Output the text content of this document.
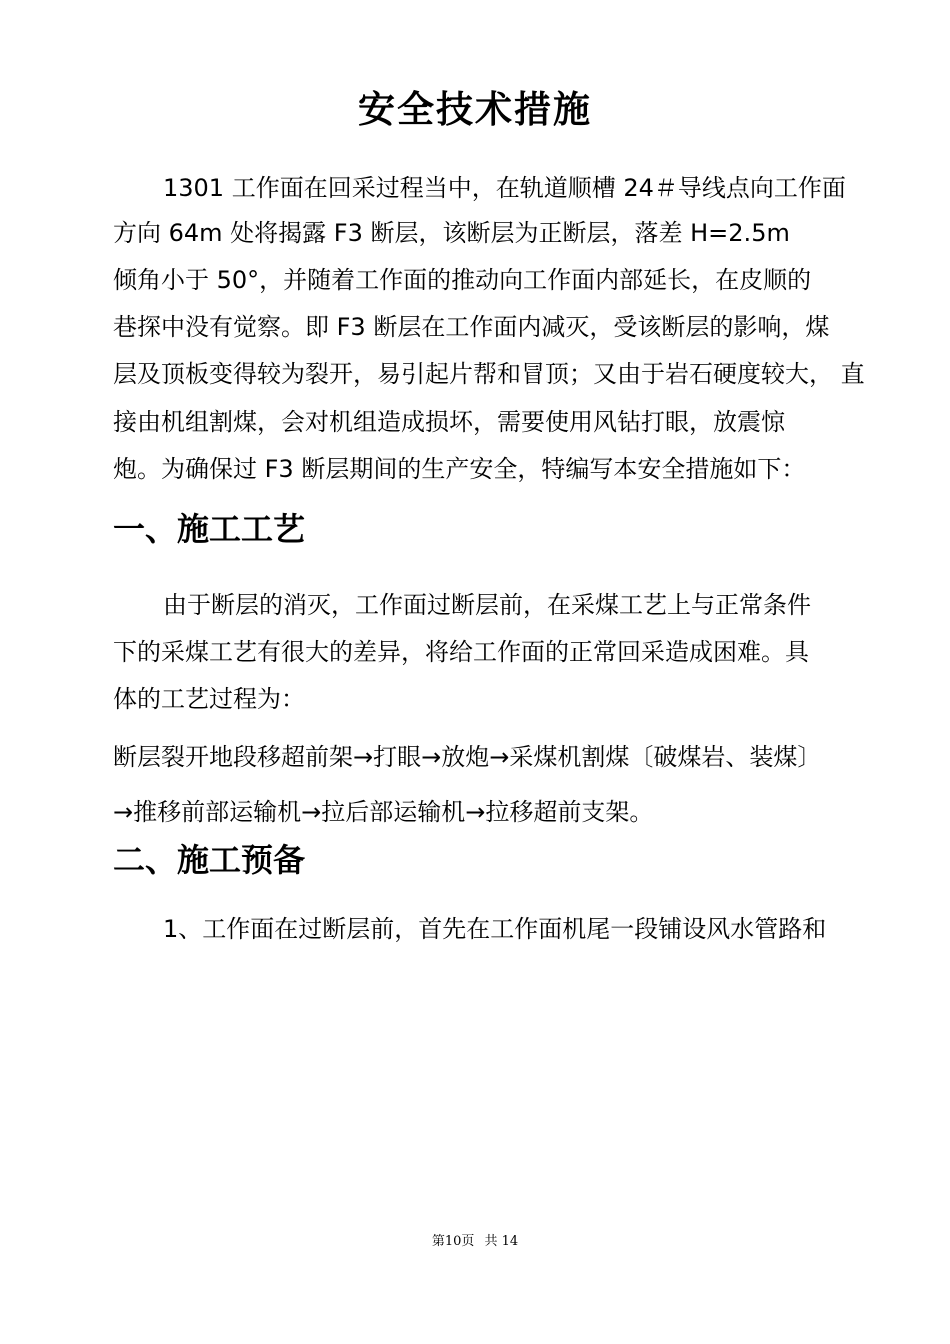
安全技术措施
1301 工作面在回采过程当中，在轨道顺槽 24＃导线点向工作面
方向 64m 处将揭露 F3 断层，该断层为正断层，落差 H=2.5m
倾角小于 50°，并随着工作面的推动向工作面内部延长，在皮顺的
巷探中没有觉察。即 F3 断层在工作面内减灭，受该断层的影响，煤
层及顶板变得较为裂开，易引起片帮和冒顶；又由于岩石硬度较大， 直
接由机组割煤，会对机组造成损坏，需要使用风钻打眼，放震惊
炮。为确保过 F3 断层期间的生产安全，特编写本安全措施如下：
一、施工工艺
由于断层的消灭，工作面过断层前，在采煤工艺上与正常条件
下的采煤工艺有很大的差异，将给工作面的正常回采造成困难。具
体的工艺过程为：
断层裂开地段移超前架→打眼→放炮→采煤机割煤〔破煤岩、装煤〕
→推移前部运输机→拉后部运输机→拉移超前支架。
二、施工预备
1、工作面在过断层前，首先在工作面机尾一段铺设风水管路和
第10页 共 14
